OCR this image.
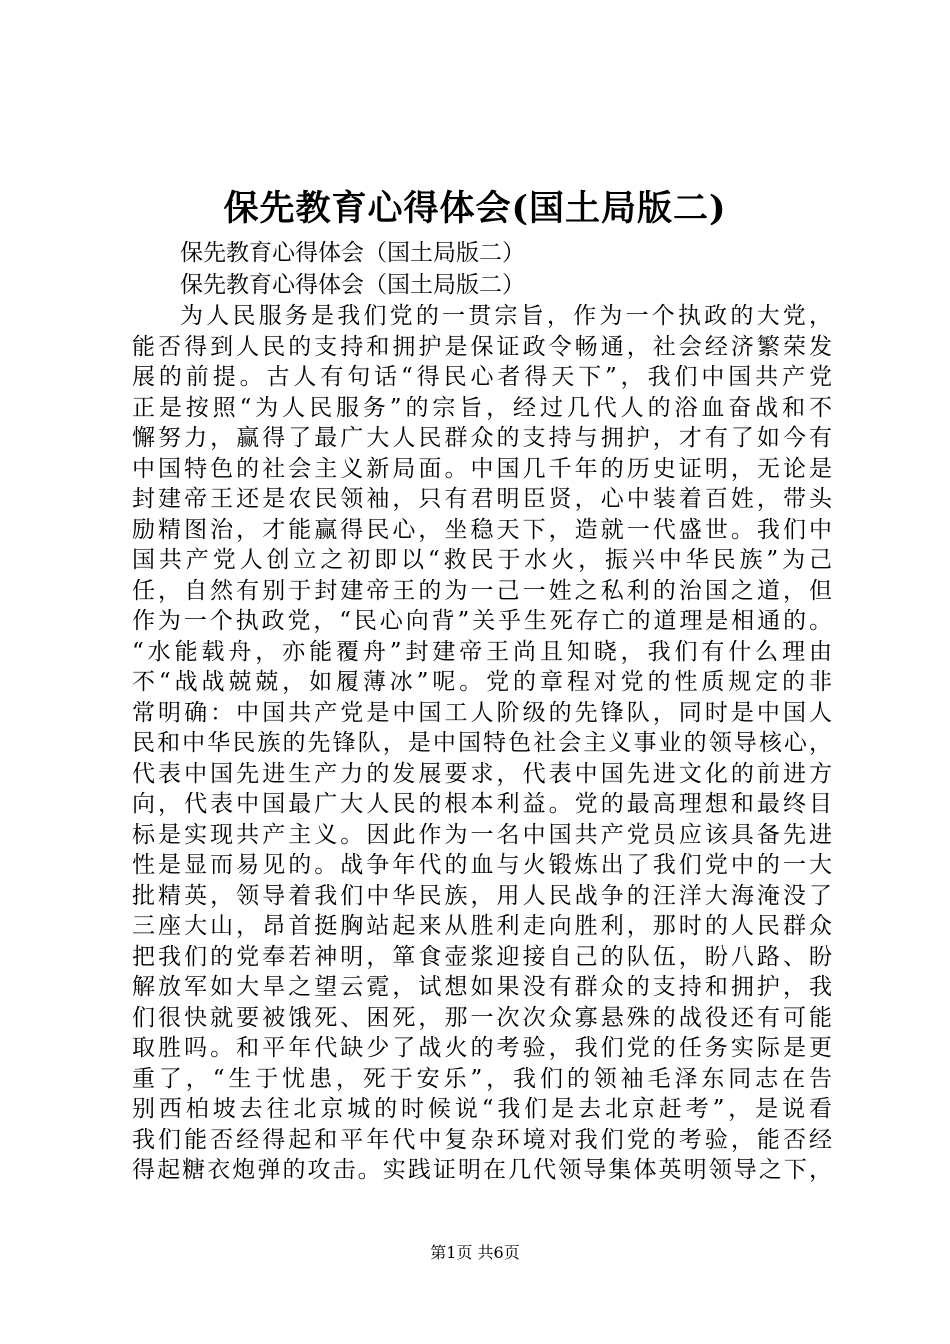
保先教育心得体会(国土局版二)

保先教育心得体会（国土局版二）

保先教育心得体会（国土局版二）

为人民服务是我们党的一贯宗旨，作为一个执政的大党，
能否得到人民的支持和拥护是保证政令畅通，社会经济繁荣发
展的前提。古人有句话“得民心者得天下”，我们中国共产党
正是按照“为人民服务”的宗旨，经过几代人的浴血奋战和不
懈努力，赢得了最广大人民群众的支持与拥护，才有了如今有
中国特色的社会主义新局面。中国几千年的历史证明，无论是
封建帝王还是农民领袖，只有君明臣贤，心中装着百姓，带头
励精图治，才能赢得民心，坐稳天下，造就一代盛世。我们中
国共产党人创立之初即以“救民于水火，振兴中华民族”为己
任，自然有别于封建帝王的为一己一姓之私利的治国之道，但
作为一个执政党，“民心向背”关乎生死存亡的道理是相通的。
“水能载舟，亦能覆舟”封建帝王尚且知晓，我们有什么理由
不“战战兢兢，如履薄冰”呢。党的章程对党的性质规定的非
常明确：中国共产党是中国工人阶级的先锋队，同时是中国人
民和中华民族的先锋队，是中国特色社会主义事业的领导核心，
代表中国先进生产力的发展要求，代表中国先进文化的前进方
向，代表中国最广大人民的根本利益。党的最高理想和最终目
标是实现共产主义。因此作为一名中国共产党员应该具备先进
性是显而易见的。战争年代的血与火锻炼出了我们党中的一大
批精英，领导着我们中华民族，用人民战争的汪洋大海淹没了
三座大山，昂首挺胸站起来从胜利走向胜利，那时的人民群众
把我们的党奉若神明，箪食壶浆迎接自己的队伍，盼八路、盼
解放军如大旱之望云霓，试想如果没有群众的支持和拥护，我
们很快就要被饿死、困死，那一次次众寡悬殊的战役还有可能
取胜吗。和平年代缺少了战火的考验，我们党的任务实际是更
重了，“生于忧患，死于安乐”，我们的领袖毛泽东同志在告
别西柏坡去往北京城的时候说“我们是去北京赶考”，是说看
我们能否经得起和平年代中复杂环境对我们党的考验，能否经
得起糖衣炮弹的攻击。实践证明在几代领导集体英明领导之下，
第1页 共6页
